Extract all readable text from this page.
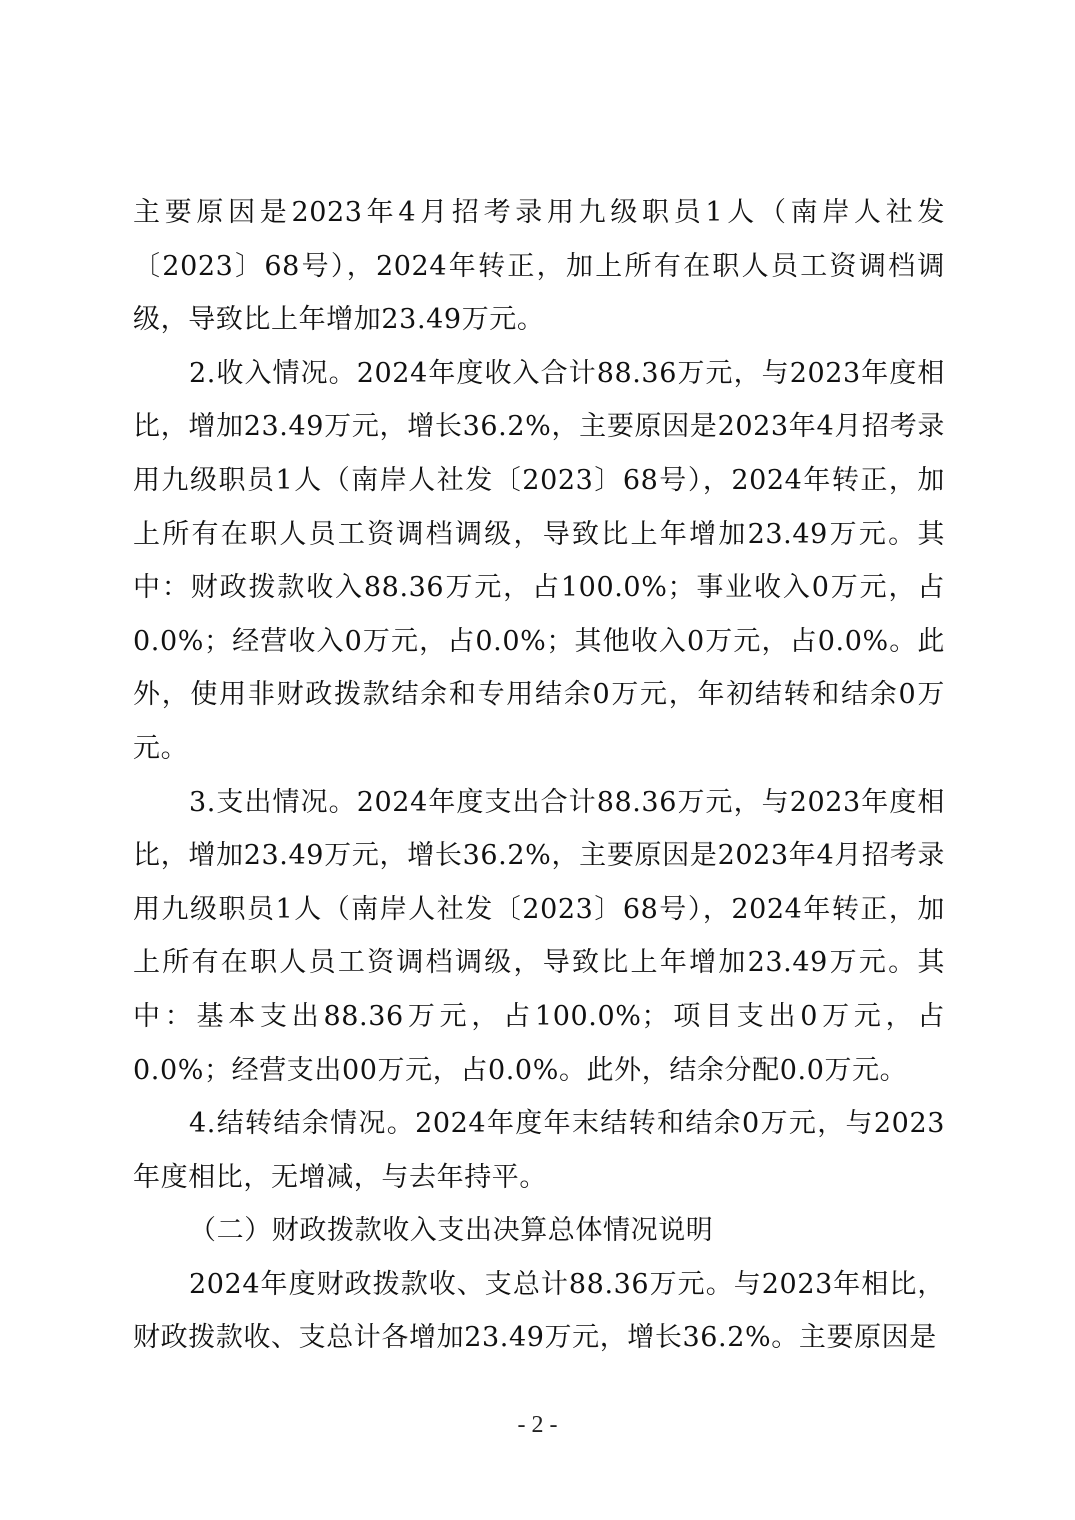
主要原因是2023年4月招考录用九级职员1人（南岸人社发〔2023〕68号），2024年转正，加上所有在职人员工资调档调级，导致比上年增加23.49万元。

2.收入情况。2024年度收入合计88.36万元，与2023年度相比，增加23.49万元，增长36.2%，主要原因是2023年4月招考录用九级职员1人（南岸人社发〔2023〕68号），2024年转正，加上所有在职人员工资调档调级，导致比上年增加23.49万元。其中：财政拨款收入88.36万元，占100.0%；事业收入0万元，占0.0%；经营收入0万元，占0.0%；其他收入0万元，占0.0%。此外，使用非财政拨款结余和专用结余0万元，年初结转和结余0万元。

3.支出情况。2024年度支出合计88.36万元，与2023年度相比，增加23.49万元，增长36.2%，主要原因是2023年4月招考录用九级职员1人（南岸人社发〔2023〕68号），2024年转正，加上所有在职人员工资调档调级，导致比上年增加23.49万元。其中：基本支出88.36万元，占100.0%；项目支出0万元，占0.0%；经营支出00万元，占0.0%。此外，结余分配0.0万元。

4.结转结余情况。2024年度年末结转和结余0万元，与2023年度相比，无增减，与去年持平。

（二）财政拨款收入支出决算总体情况说明

2024年度财政拨款收、支总计88.36万元。与2023年相比，财政拨款收、支总计各增加23.49万元，增长36.2%。主要原因是

- 2 -
